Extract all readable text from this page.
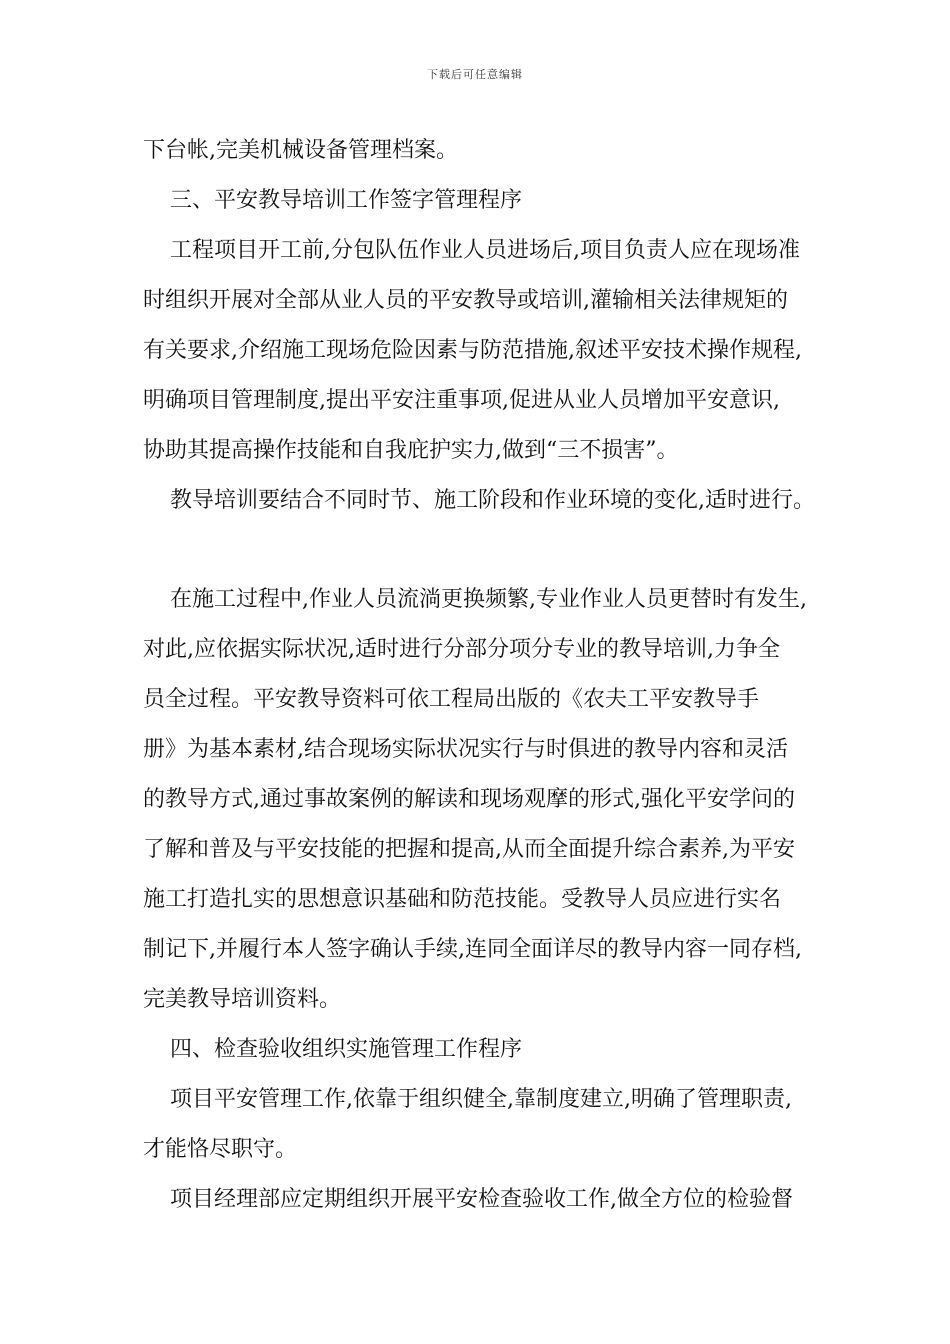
下载后可任意编辑
下台帐,完美机械设备管理档案。
三、平安教导培训工作签字管理程序
工程项目开工前,分包队伍作业人员进场后,项目负责人应在现场准
时组织开展对全部从业人员的平安教导或培训,灌输相关法律规矩的
有关要求,介绍施工现场危险因素与防范措施,叙述平安技术操作规程,
明确项目管理制度,提出平安注重事项,促进从业人员增加平安意识,
协助其提高操作技能和自我庇护实力,做到“三不损害”。
教导培训要结合不同时节、施工阶段和作业环境的变化,适时进行。
在施工过程中,作业人员流淌更换频繁,专业作业人员更替时有发生,
对此,应依据实际状况,适时进行分部分项分专业的教导培训,力争全
员全过程。平安教导资料可依工程局出版的《农夫工平安教导手
册》为基本素材,结合现场实际状况实行与时俱进的教导内容和灵活
的教导方式,通过事故案例的解读和现场观摩的形式,强化平安学问的
了解和普及与平安技能的把握和提高,从而全面提升综合素养,为平安
施工打造扎实的思想意识基础和防范技能。受教导人员应进行实名
制记下,并履行本人签字确认手续,连同全面详尽的教导内容一同存档,
完美教导培训资料。
四、检查验收组织实施管理工作程序
项目平安管理工作,依靠于组织健全,靠制度建立,明确了管理职责,
才能恪尽职守。
项目经理部应定期组织开展平安检查验收工作,做全方位的检验督
